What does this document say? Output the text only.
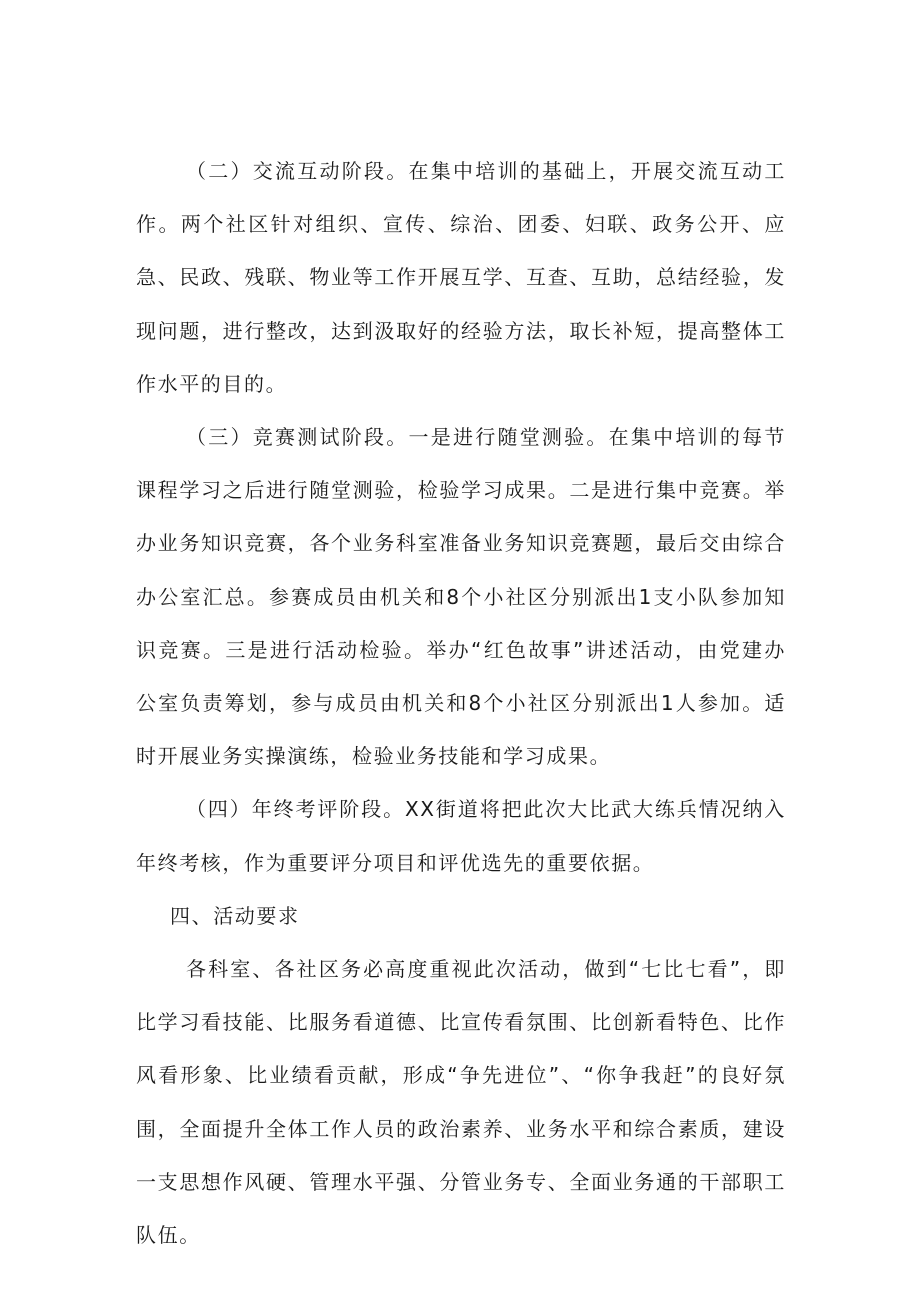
（二）交流互动阶段。在集中培训的基础上，开展交流互动工作。两个社区针对组织、宣传、综治、团委、妇联、政务公开、应急、民政、残联、物业等工作开展互学、互查、互助，总结经验，发现问题，进行整改，达到汲取好的经验方法，取长补短，提高整体工作水平的目的。

（三）竞赛测试阶段。一是进行随堂测验。在集中培训的每节课程学习之后进行随堂测验，检验学习成果。二是进行集中竞赛。举办业务知识竞赛，各个业务科室准备业务知识竞赛题，最后交由综合办公室汇总。参赛成员由机关和8个小社区分别派出1支小队参加知识竞赛。三是进行活动检验。举办“红色故事”讲述活动，由党建办公室负责筹划，参与成员由机关和8个小社区分别派出1人参加。适时开展业务实操演练，检验业务技能和学习成果。

（四）年终考评阶段。XX街道将把此次大比武大练兵情况纳入年终考核，作为重要评分项目和评优选先的重要依据。

四、活动要求

各科室、各社区务必高度重视此次活动，做到“七比七看”，即比学习看技能、比服务看道德、比宣传看氛围、比创新看特色、比作风看形象、比业绩看贡献，形成“争先进位”、“你争我赶”的良好氛围，全面提升全体工作人员的政治素养、业务水平和综合素质，建设一支思想作风硬、管理水平强、分管业务专、全面业务通的干部职工队伍。
